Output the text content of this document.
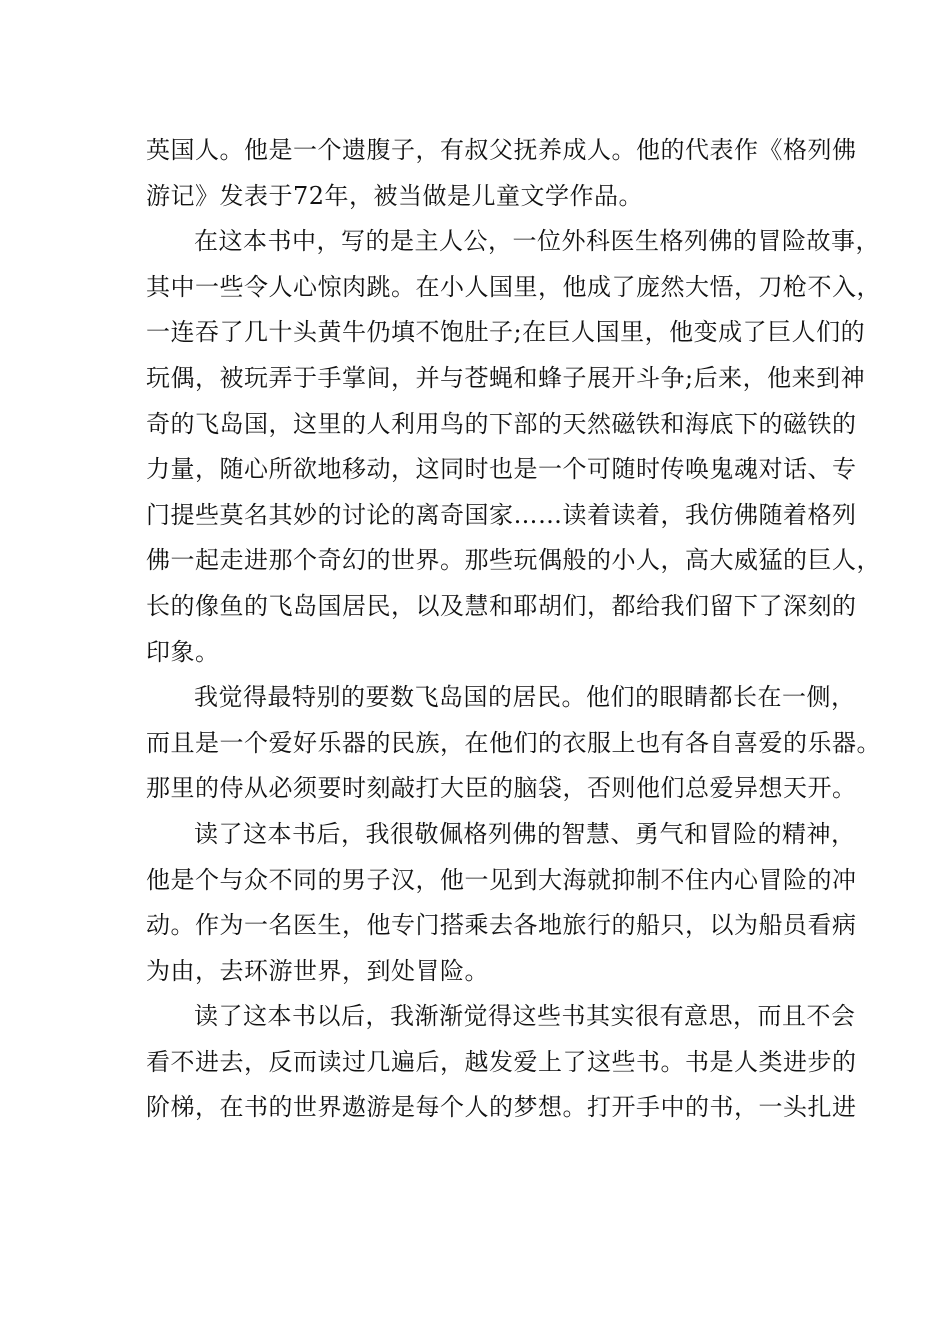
英国人。他是一个遗腹子，有叔父抚养成人。他的代表作《格列佛
游记》发表于72年，被当做是儿童文学作品。
在这本书中，写的是主人公，一位外科医生格列佛的冒险故事，
其中一些令人心惊肉跳。在小人国里，他成了庞然大悟，刀枪不入，
一连吞了几十头黄牛仍填不饱肚子;在巨人国里，他变成了巨人们的
玩偶，被玩弄于手掌间，并与苍蝇和蜂子展开斗争;后来，他来到神
奇的飞岛国，这里的人利用鸟的下部的天然磁铁和海底下的磁铁的
力量，随心所欲地移动，这同时也是一个可随时传唤鬼魂对话、专
门提些莫名其妙的讨论的离奇国家……读着读着，我仿佛随着格列
佛一起走进那个奇幻的世界。那些玩偶般的小人，高大威猛的巨人，
长的像鱼的飞岛国居民，以及慧和耶胡们，都给我们留下了深刻的
印象。
我觉得最特别的要数飞岛国的居民。他们的眼睛都长在一侧，
而且是一个爱好乐器的民族，在他们的衣服上也有各自喜爱的乐器。
那里的侍从必须要时刻敲打大臣的脑袋，否则他们总爱异想天开。
读了这本书后，我很敬佩格列佛的智慧、勇气和冒险的精神，
他是个与众不同的男子汉，他一见到大海就抑制不住内心冒险的冲
动。作为一名医生，他专门搭乘去各地旅行的船只，以为船员看病
为由，去环游世界，到处冒险。
读了这本书以后，我渐渐觉得这些书其实很有意思，而且不会
看不进去，反而读过几遍后，越发爱上了这些书。书是人类进步的
阶梯，在书的世界遨游是每个人的梦想。打开手中的书，一头扎进
